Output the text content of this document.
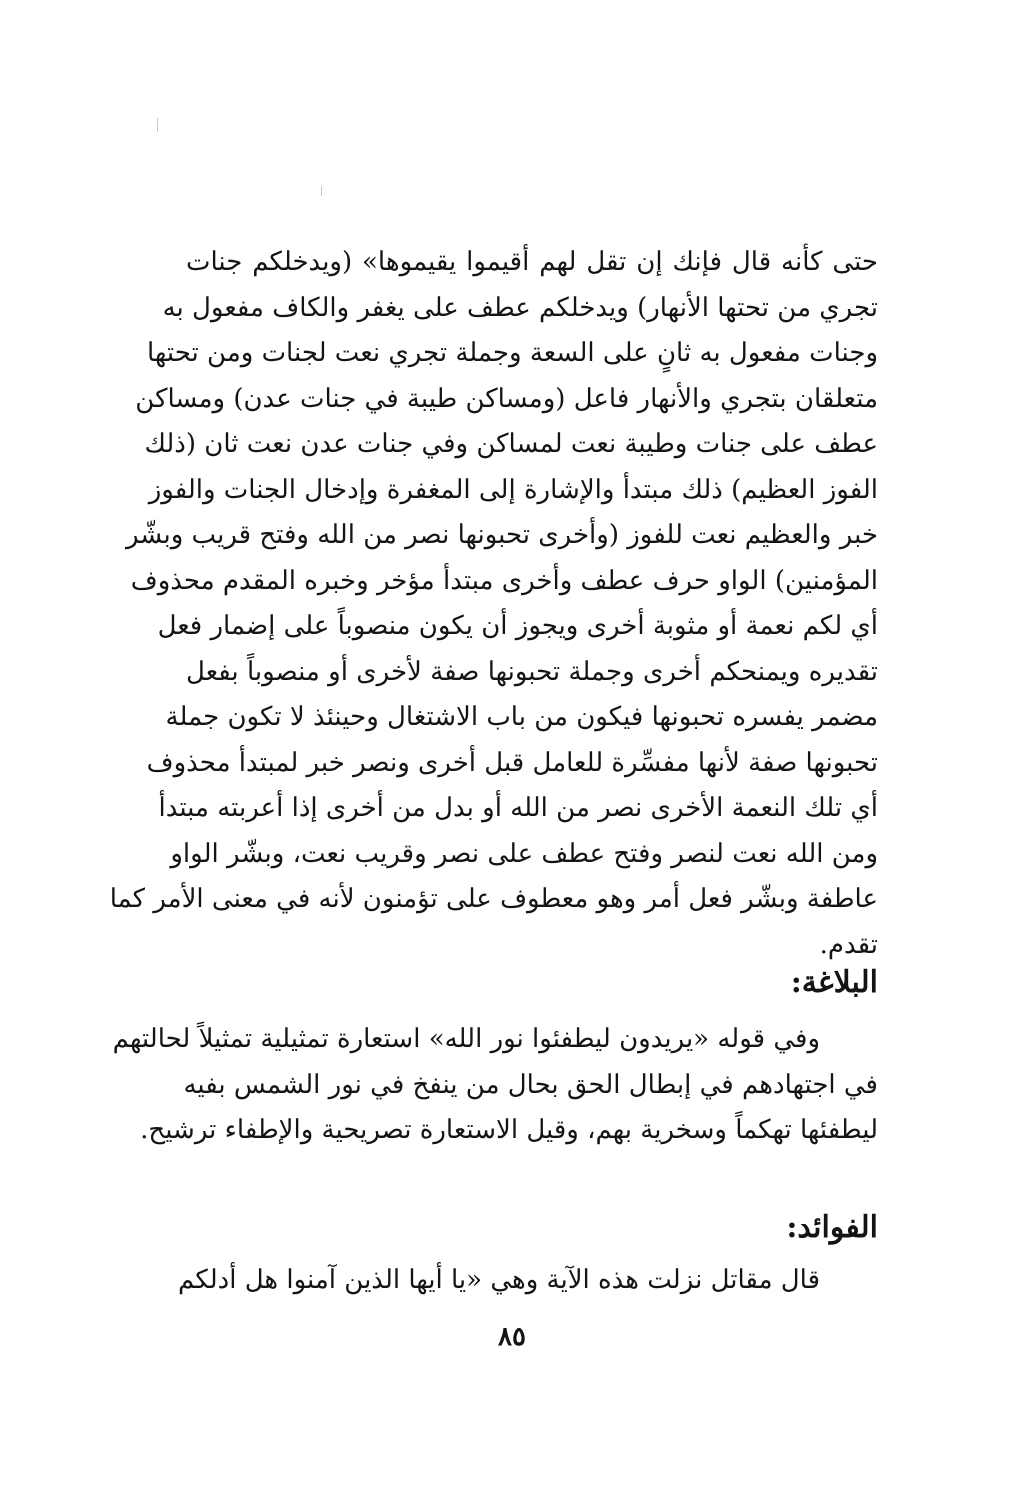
حتى كأنه قال فإنك إن تقل لهم أقيموا يقيموها» (ويدخلكم جنات
تجري من تحتها الأنهار) ويدخلكم عطف على يغفر والكاف مفعول به
وجنات مفعول به ثانٍ على السعة وجملة تجري نعت لجنات ومن تحتها
متعلقان بتجري والأنهار فاعل (ومساكن طيبة في جنات عدن) ومساكن
عطف على جنات وطيبة نعت لمساكن وفي جنات عدن نعت ثان (ذلك
الفوز العظيم) ذلك مبتدأ والإشارة إلى المغفرة وإدخال الجنات والفوز
خبر والعظيم نعت للفوز (وأخرى تحبونها نصر من الله وفتح قريب وبشّر
المؤمنين) الواو حرف عطف وأخرى مبتدأ مؤخر وخبره المقدم محذوف
أي لكم نعمة أو مثوبة أخرى ويجوز أن يكون منصوباً على إضمار فعل
تقديره ويمنحكم أخرى وجملة تحبونها صفة لأخرى أو منصوباً بفعل
مضمر يفسره تحبونها فيكون من باب الاشتغال وحينئذ لا تكون جملة
تحبونها صفة لأنها مفسِّرة للعامل قبل أخرى ونصر خبر لمبتدأ محذوف
أي تلك النعمة الأخرى نصر من الله أو بدل من أخرى إذا أعربته مبتدأ
ومن الله نعت لنصر وفتح عطف على نصر وقريب نعت، وبشّر الواو
عاطفة وبشّر فعل أمر وهو معطوف على تؤمنون لأنه في معنى الأمر كما
تقدم.
البلاغة:
وفي قوله «يريدون ليطفئوا نور الله» استعارة تمثيلية تمثيلاً لحالتهم
في اجتهادهم في إبطال الحق بحال من ينفخ في نور الشمس بفيه
ليطفئها تهكماً وسخرية بهم، وقيل الاستعارة تصريحية والإطفاء ترشيح.
الفوائد:
قال مقاتل نزلت هذه الآية وهي «يا أيها الذين آمنوا هل أدلكم
٨٥
